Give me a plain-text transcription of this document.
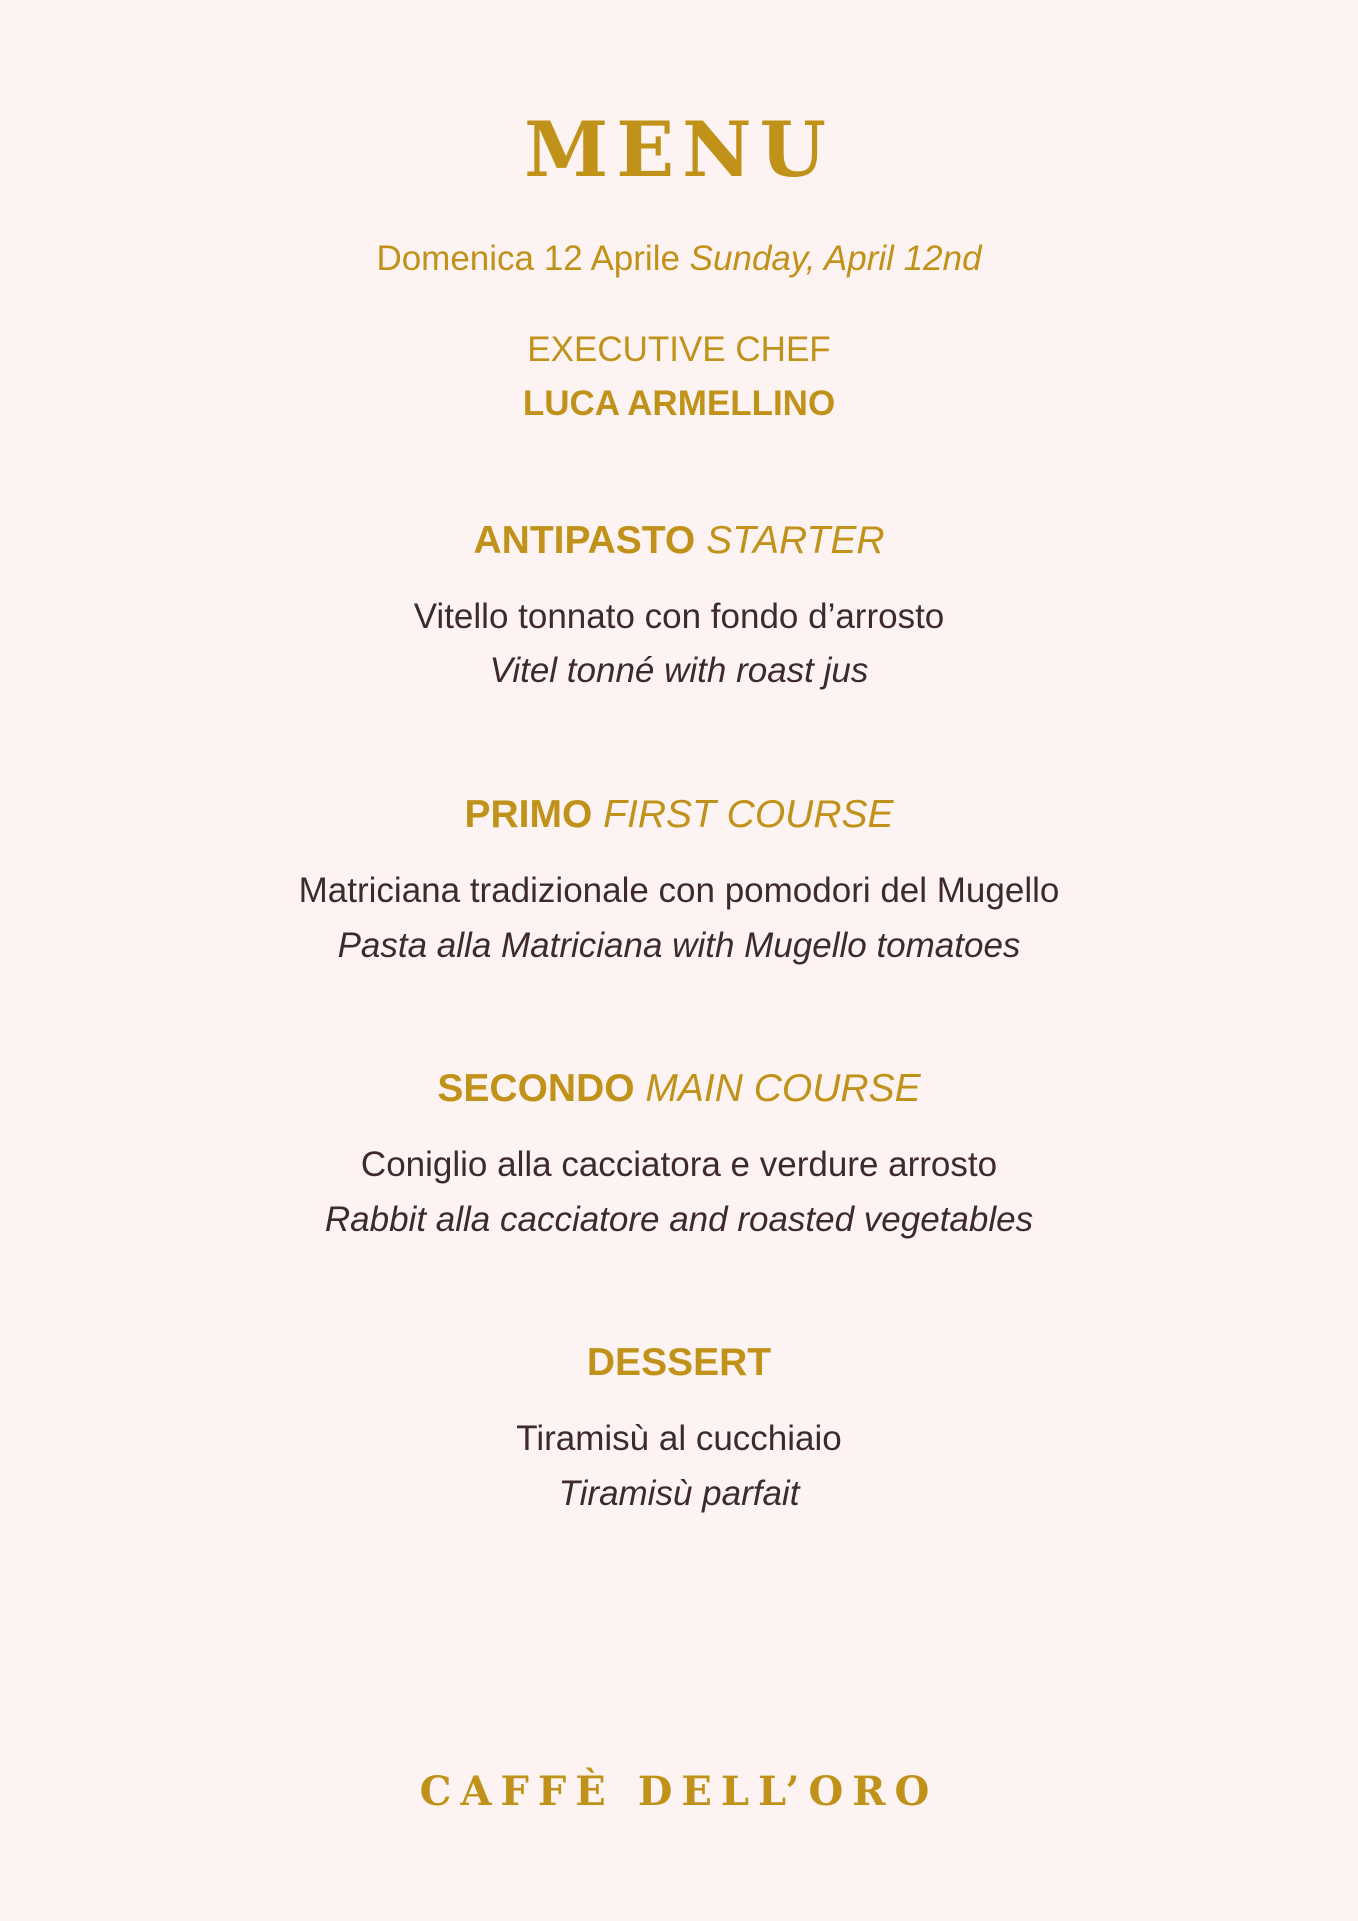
MENU
Domenica 12 Aprile Sunday, April 12nd
EXECUTIVE CHEF
LUCA ARMELLINO
ANTIPASTO STARTER
Vitello tonnato con fondo d’arrosto
Vitel tonné with roast jus
PRIMO FIRST COURSE
Matriciana tradizionale con pomodori del Mugello
Pasta alla Matriciana with Mugello tomatoes
SECONDO MAIN COURSE
Coniglio alla cacciatora e verdure arrosto
Rabbit alla cacciatore and roasted vegetables
DESSERT
Tiramisù al cucchiaio
Tiramisù parfait
CAFFÈ DELL’ORO
